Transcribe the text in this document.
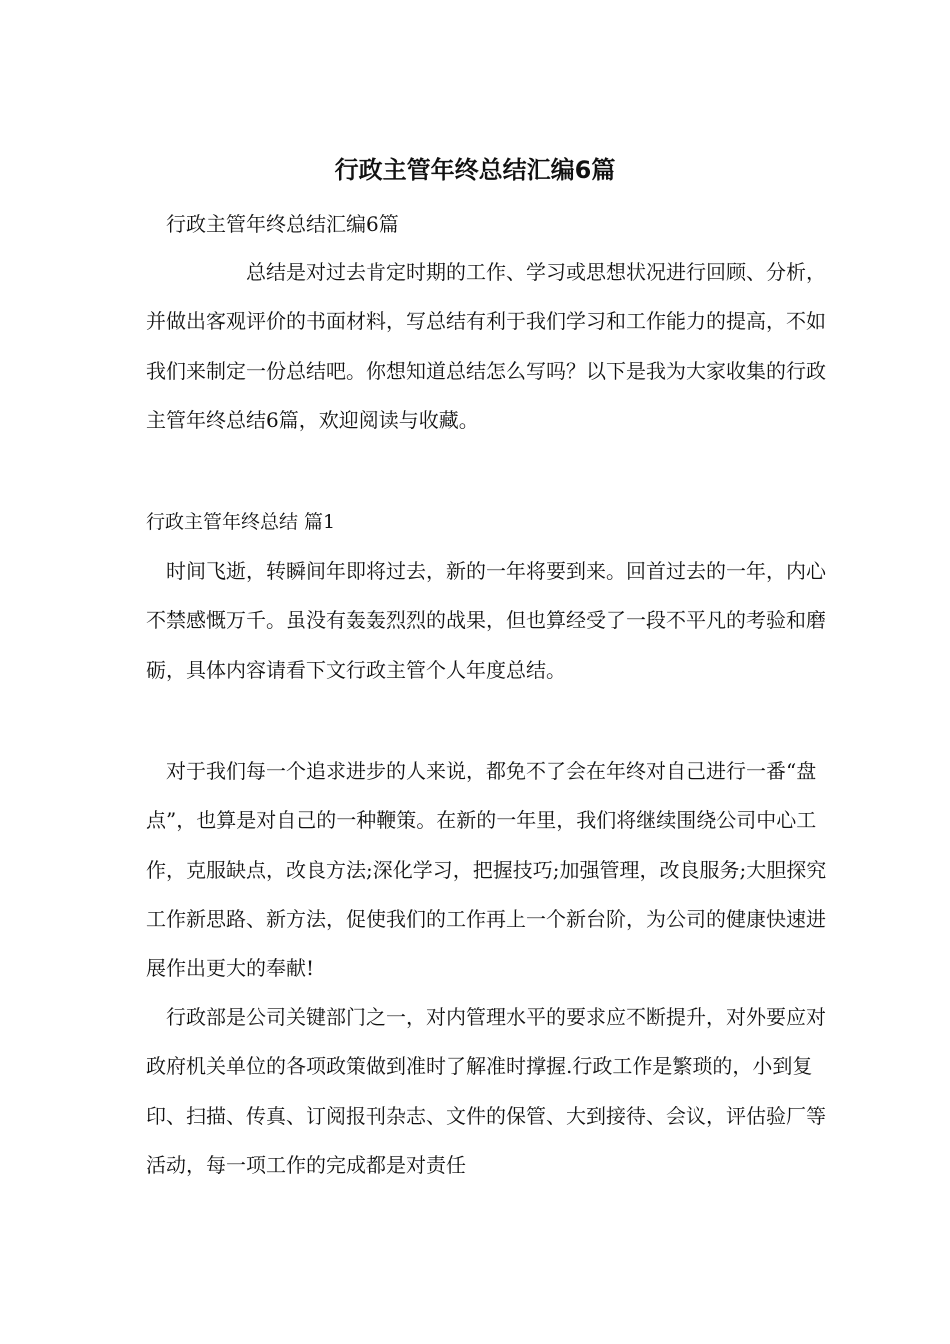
行政主管年终总结汇编6篇

行政主管年终总结汇编6篇

总结是对过去肯定时期的工作、学习或思想状况进行回顾、分析，并做出客观评价的书面材料，写总结有利于我们学习和工作能力的提高，不如我们来制定一份总结吧。你想知道总结怎么写吗？以下是我为大家收集的行政主管年终总结6篇，欢迎阅读与收藏。

行政主管年终总结 篇1

时间飞逝，转瞬间年即将过去，新的一年将要到来。回首过去的一年，内心不禁感慨万千。虽没有轰轰烈烈的战果，但也算经受了一段不平凡的考验和磨砺，具体内容请看下文行政主管个人年度总结。

对于我们每一个追求进步的人来说，都免不了会在年终对自己进行一番“盘点”，也算是对自己的一种鞭策。在新的一年里，我们将继续围绕公司中心工作，克服缺点，改良方法;深化学习，把握技巧;加强管理，改良服务;大胆探究工作新思路、新方法，促使我们的工作再上一个新台阶，为公司的健康快速进展作出更大的奉献!

行政部是公司关键部门之一，对内管理水平的要求应不断提升，对外要应对政府机关单位的各项政策做到准时了解准时撑握.行政工作是繁琐的，小到复印、扫描、传真、订阅报刊杂志、文件的保管、大到接待、会议，评估验厂等活动，每一项工作的完成都是对责任
